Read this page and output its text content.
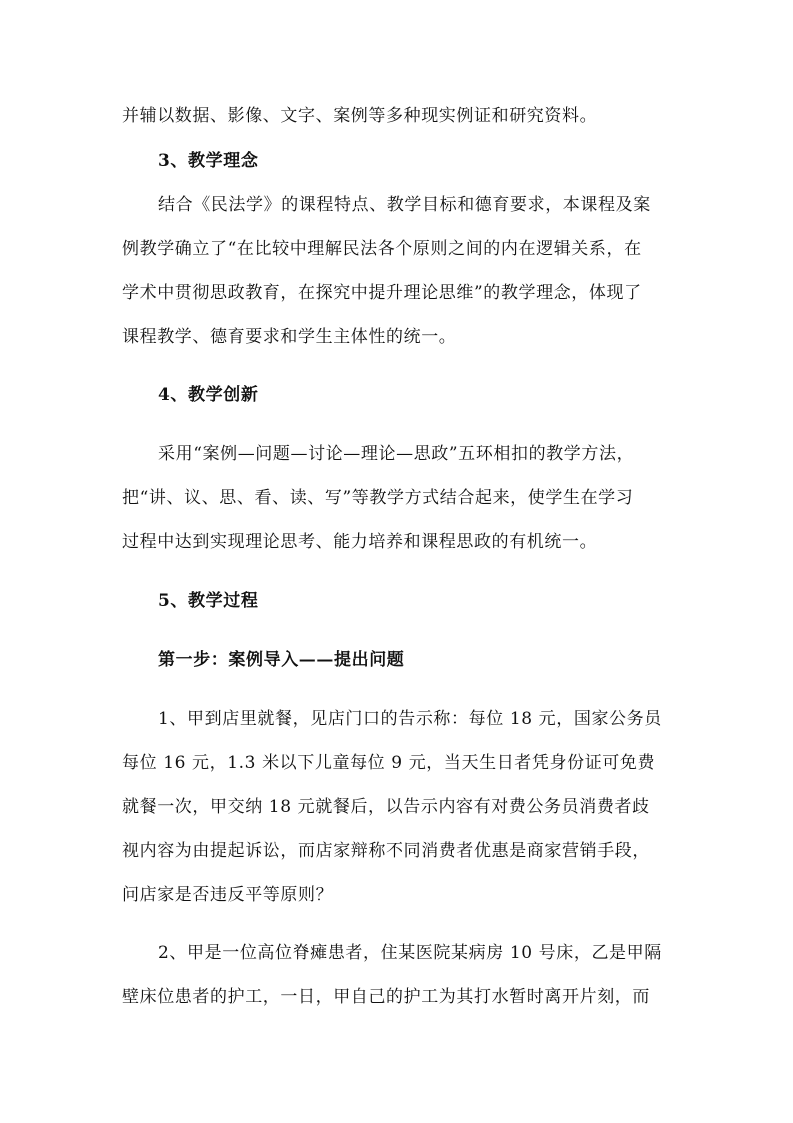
并辅以数据、影像、文字、案例等多种现实例证和研究资料。
3、教学理念
结合《民法学》的课程特点、教学目标和德育要求，本课程及案
例教学确立了“在比较中理解民法各个原则之间的内在逻辑关系，在
学术中贯彻思政教育，在探究中提升理论思维”的教学理念，体现了
课程教学、德育要求和学生主体性的统一。
4、教学创新
采用“案例—问题—讨论—理论—思政”五环相扣的教学方法，
把“讲、议、思、看、读、写”等教学方式结合起来，使学生在学习
过程中达到实现理论思考、能力培养和课程思政的有机统一。
5、教学过程
第一步：案例导入——提出问题
1、甲到店里就餐，见店门口的告示称：每位 18 元，国家公务员
每位 16 元，1.3 米以下儿童每位 9 元，当天生日者凭身份证可免费
就餐一次，甲交纳 18 元就餐后，以告示内容有对费公务员消费者歧
视内容为由提起诉讼，而店家辩称不同消费者优惠是商家营销手段，
问店家是否违反平等原则？
2、甲是一位高位脊瘫患者，住某医院某病房 10 号床，乙是甲隔
壁床位患者的护工，一日，甲自己的护工为其打水暂时离开片刻，而
